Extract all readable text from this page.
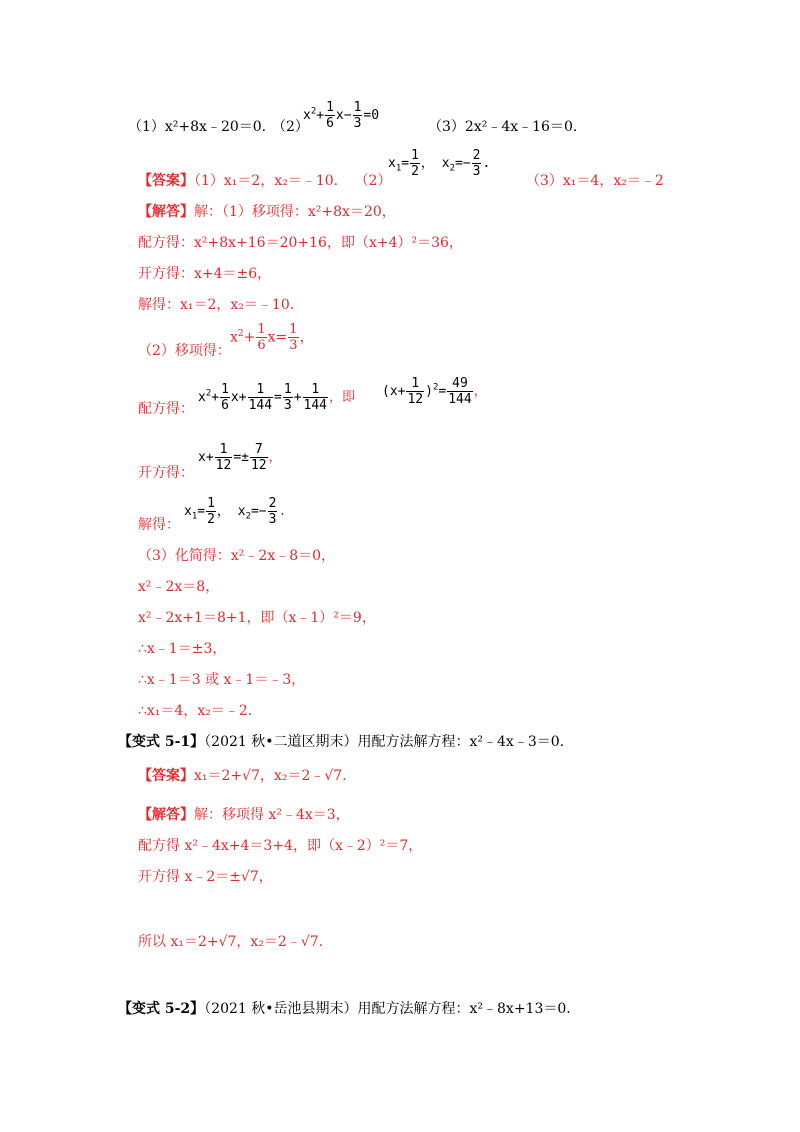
（1）x²+8x﹣20＝0. （2）
$x^2+ \frac{1}{6} x- \frac{1}{3} =0$
（3）2x²﹣4x﹣16＝0.
【答案】（1）x₁＝2，x₂＝﹣10. （2）
$x_1= \frac{1}{2}$ ， $x_2=- \frac{2}{3}$ .
（3）x₁＝4，x₂＝﹣2
【解答】解：（1）移项得：x²+8x＝20，
配方得：x²+8x+16＝20+16，即（x+4）²＝36，
开方得：x+4＝±6，
解得：x₁＝2，x₂＝﹣10.
（2）移项得：
$x^2+ \frac{1}{6} x= \frac{1}{3}$ ，
配方得：
$x^2+ \frac{1}{6} x+ \frac{1}{144} = \frac{1}{3} + \frac{1}{144}$ ，即 $(x+ \frac{1}{12} )^2= \frac{49}{144}$ ，
开方得：
$x+ \frac{1}{12} =\pm \frac{7}{12}$ ，
解得：
$x_1= \frac{1}{2}$ ， $x_2=- \frac{2}{3}$ .
（3）化简得：x²﹣2x﹣8＝0，
x²﹣2x＝8，
x²﹣2x+1＝8+1，即（x﹣1）²＝9，
∴x﹣1＝±3，
∴x﹣1＝3 或 x﹣1＝﹣3，
∴x₁＝4，x₂＝﹣2.
【变式 5-1】（2021 秋•二道区期末）用配方法解方程：x²﹣4x﹣3＝0.
【答案】x₁＝2+√7，x₂＝2﹣√7.
【解答】解：移项得 x²﹣4x＝3，
配方得 x²﹣4x+4＝3+4，即（x﹣2）²＝7，
开方得 x﹣2＝±√7，
所以 x₁＝2+√7，x₂＝2﹣√7.
【变式 5-2】（2021 秋•岳池县期末）用配方法解方程：x²﹣8x+13＝0.
